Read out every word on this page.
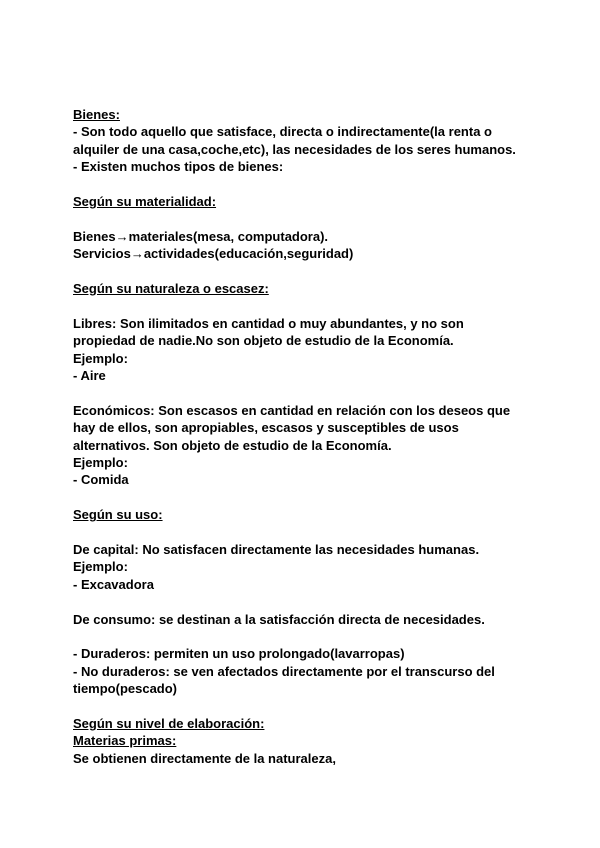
Bienes:
- Son todo aquello que satisface, directa o indirectamente(la renta o
alquiler de una casa,coche,etc), las necesidades de los seres humanos.
- Existen muchos tipos de bienes:
Según su materialidad:
Bienes→materiales(mesa, computadora).
Servicios→actividades(educación,seguridad)
Según su naturaleza o escasez:
Libres: Son ilimitados en cantidad o muy abundantes, y no son
propiedad de nadie.No son objeto de estudio de la Economía.
Ejemplo:
- Aire
Económicos: Son escasos en cantidad en relación con los deseos que
hay de ellos, son apropiables, escasos y susceptibles de usos
alternativos. Son objeto de estudio de la Economía.
Ejemplo:
- Comida
Según su uso:
De capital: No satisfacen directamente las necesidades humanas.
Ejemplo:
- Excavadora
De consumo: se destinan a la satisfacción directa de necesidades.
- Duraderos: permiten un uso prolongado(lavarropas)
- No duraderos: se ven afectados directamente por el transcurso del
tiempo(pescado)
Según su nivel de elaboración:
Materias primas:
Se obtienen directamente de la naturaleza,
